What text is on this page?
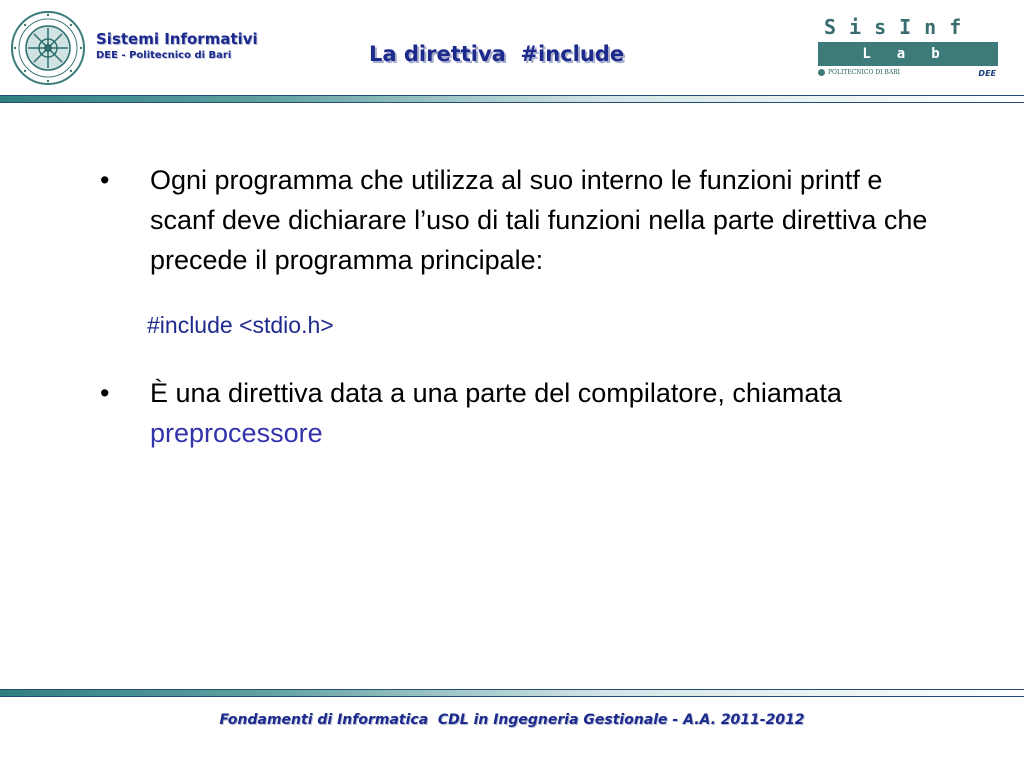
Sistemi Informativi
DEE - Politecnico di Bari	La direttiva  #include
SisInf
Lab
POLITECNICO DI BARI	DEE
•	Ogni programma che utilizza al suo interno le funzioni printf e scanf deve dichiarare l’uso di tali funzioni nella parte direttiva che precede il programma principale:
#include <stdio.h>
•	È una direttiva data a una parte del compilatore, chiamata preprocessore
Fondamenti di Informatica  CDL in Ingegneria Gestionale - A.A. 2011-2012
